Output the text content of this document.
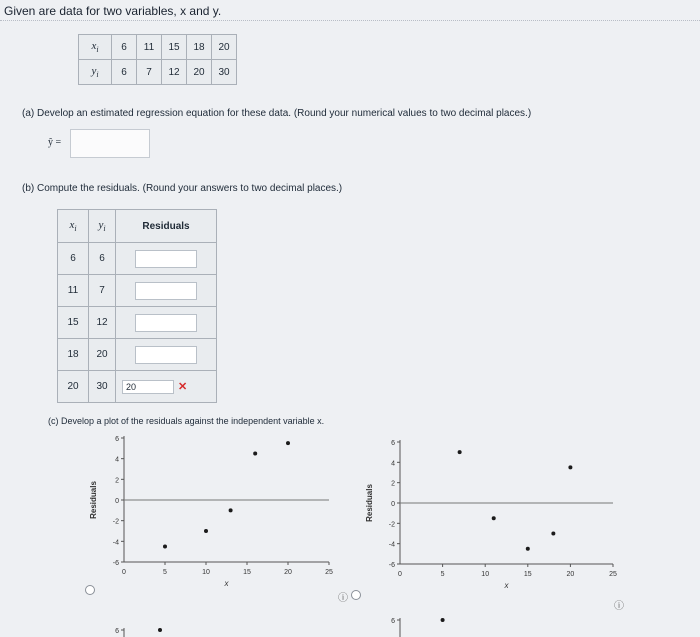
Given are data for two variables, x and y.
$x_i$	6	11	15	18	20
$y_i$	6	7	12	20	30
(a) Develop an estimated regression equation for these data. (Round your numerical values to two decimal places.)
ŷ =
(b) Compute the residuals. (Round your answers to two decimal places.)
$x_i$	$y_i$	Residuals
6	6	

11	7	

15	12	

18	20	

20	30	20 ✕
(c) Develop a plot of the residuals against the independent variable x.
6
4
2
0
-2
-4
-6
0	5	10	15	20	25
Residuals
x
6
4
2
0
-2
-4
-6
0	5	10	15	20	25
Residuals
x
6
6
ⓘ
ⓘ
